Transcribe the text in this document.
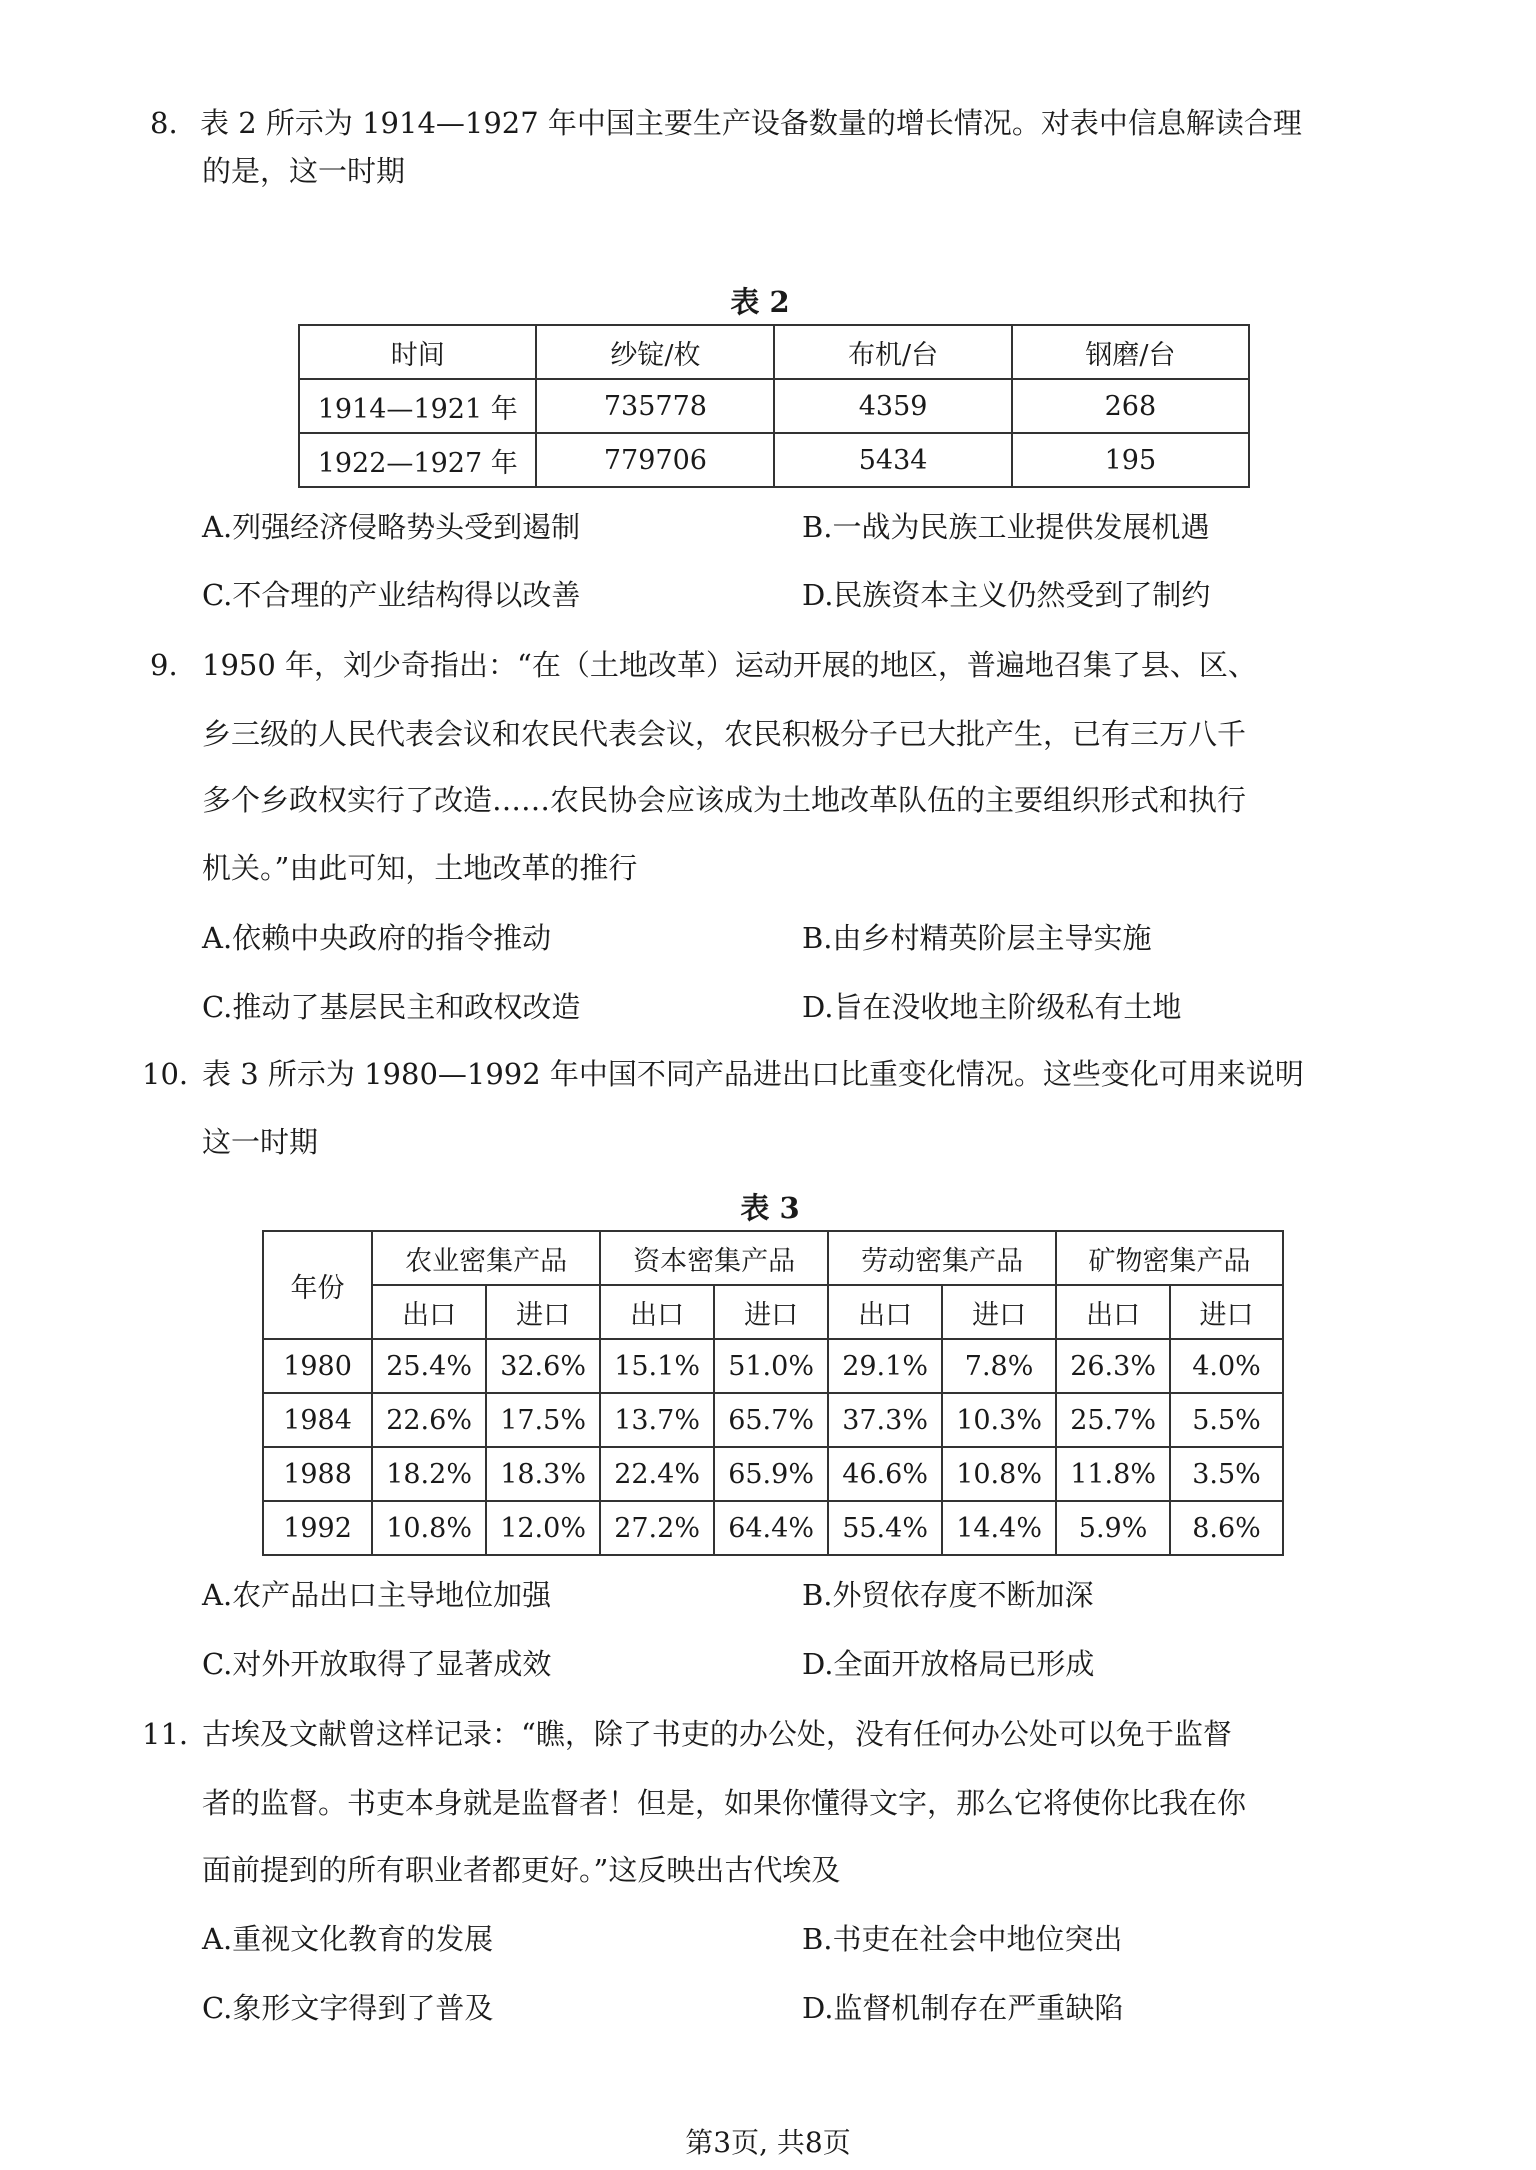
8. 表 2 所示为 1914—1927 年中国主要生产设备数量的增长情况。对表中信息解读合理
的是，这一时期
表 2
时间	纱锭/枚	布机/台	钢磨/台
1914—1921 年	735778	4359	268
1922—1927 年	779706	5434	195
A.列强经济侵略势头受到遏制	B.一战为民族工业提供发展机遇
C.不合理的产业结构得以改善	D.民族资本主义仍然受到了制约
9. 1950 年，刘少奇指出：“在（土地改革）运动开展的地区，普遍地召集了县、区、
乡三级的人民代表会议和农民代表会议，农民积极分子已大批产生，已有三万八千
多个乡政权实行了改造……农民协会应该成为土地改革队伍的主要组织形式和执行
机关。”由此可知，土地改革的推行
A.依赖中央政府的指令推动	B.由乡村精英阶层主导实施
C.推动了基层民主和政权改造	D.旨在没收地主阶级私有土地
10. 表 3 所示为 1980—1992 年中国不同产品进出口比重变化情况。这些变化可用来说明
这一时期
表 3
年份	农业密集产品		资本密集产品		劳动密集产品		矿物密集产品	
	出口	进口	出口	进口	出口	进口	出口	进口
1980	25.4%	32.6%	15.1%	51.0%	29.1%	7.8%	26.3%	4.0%
1984	22.6%	17.5%	13.7%	65.7%	37.3%	10.3%	25.7%	5.5%
1988	18.2%	18.3%	22.4%	65.9%	46.6%	10.8%	11.8%	3.5%
1992	10.8%	12.0%	27.2%	64.4%	55.4%	14.4%	5.9%	8.6%
A.农产品出口主导地位加强	B.外贸依存度不断加深
C.对外开放取得了显著成效	D.全面开放格局已形成
11. 古埃及文献曾这样记录：“瞧，除了书吏的办公处，没有任何办公处可以免于监督
者的监督。书吏本身就是监督者！但是，如果你懂得文字，那么它将使你比我在你
面前提到的所有职业者都更好。”这反映出古代埃及
A.重视文化教育的发展	B.书吏在社会中地位突出
C.象形文字得到了普及	D.监督机制存在严重缺陷
第3页, 共8页
